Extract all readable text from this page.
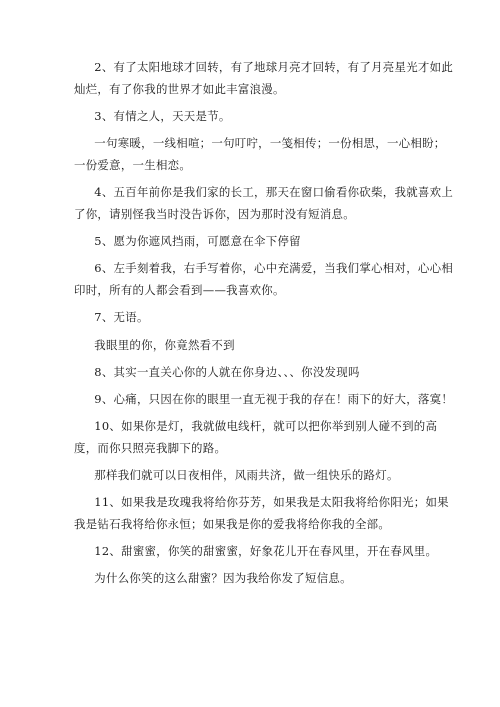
2、有了太阳地球才回转，有了地球月亮才回转，有了月亮星光才如此灿烂，有了你我的世界才如此丰富浪漫。

3、有情之人，天天是节。

一句寒暖，一线相喧；一句叮咛，一笺相传；一份相思，一心相盼；一份爱意，一生相恋。

4、五百年前你是我们家的长工，那天在窗口偷看你砍柴，我就喜欢上了你，请别怪我当时没告诉你，因为那时没有短消息。

5、愿为你遮风挡雨，可愿意在伞下停留

6、左手刻着我，右手写着你，心中充满爱，当我们掌心相对，心心相印时，所有的人都会看到——我喜欢你。

7、无语。

我眼里的你，你竟然看不到

8、其实一直关心你的人就在你身边、、、你没发现吗

9、心痛，只因在你的眼里一直无视于我的存在！雨下的好大，落寞！

10、如果你是灯，我就做电线杆，就可以把你举到别人碰不到的高度，而你只照亮我脚下的路。

那样我们就可以日夜相伴，风雨共济，做一组快乐的路灯。

11、如果我是玫瑰我将给你芬芳，如果我是太阳我将给你阳光；如果我是钻石我将给你永恒；如果我是你的爱我将给你我的全部。

12、甜蜜蜜，你笑的甜蜜蜜，好象花儿开在春风里，开在春风里。

为什么你笑的这么甜蜜？因为我给你发了短信息。
